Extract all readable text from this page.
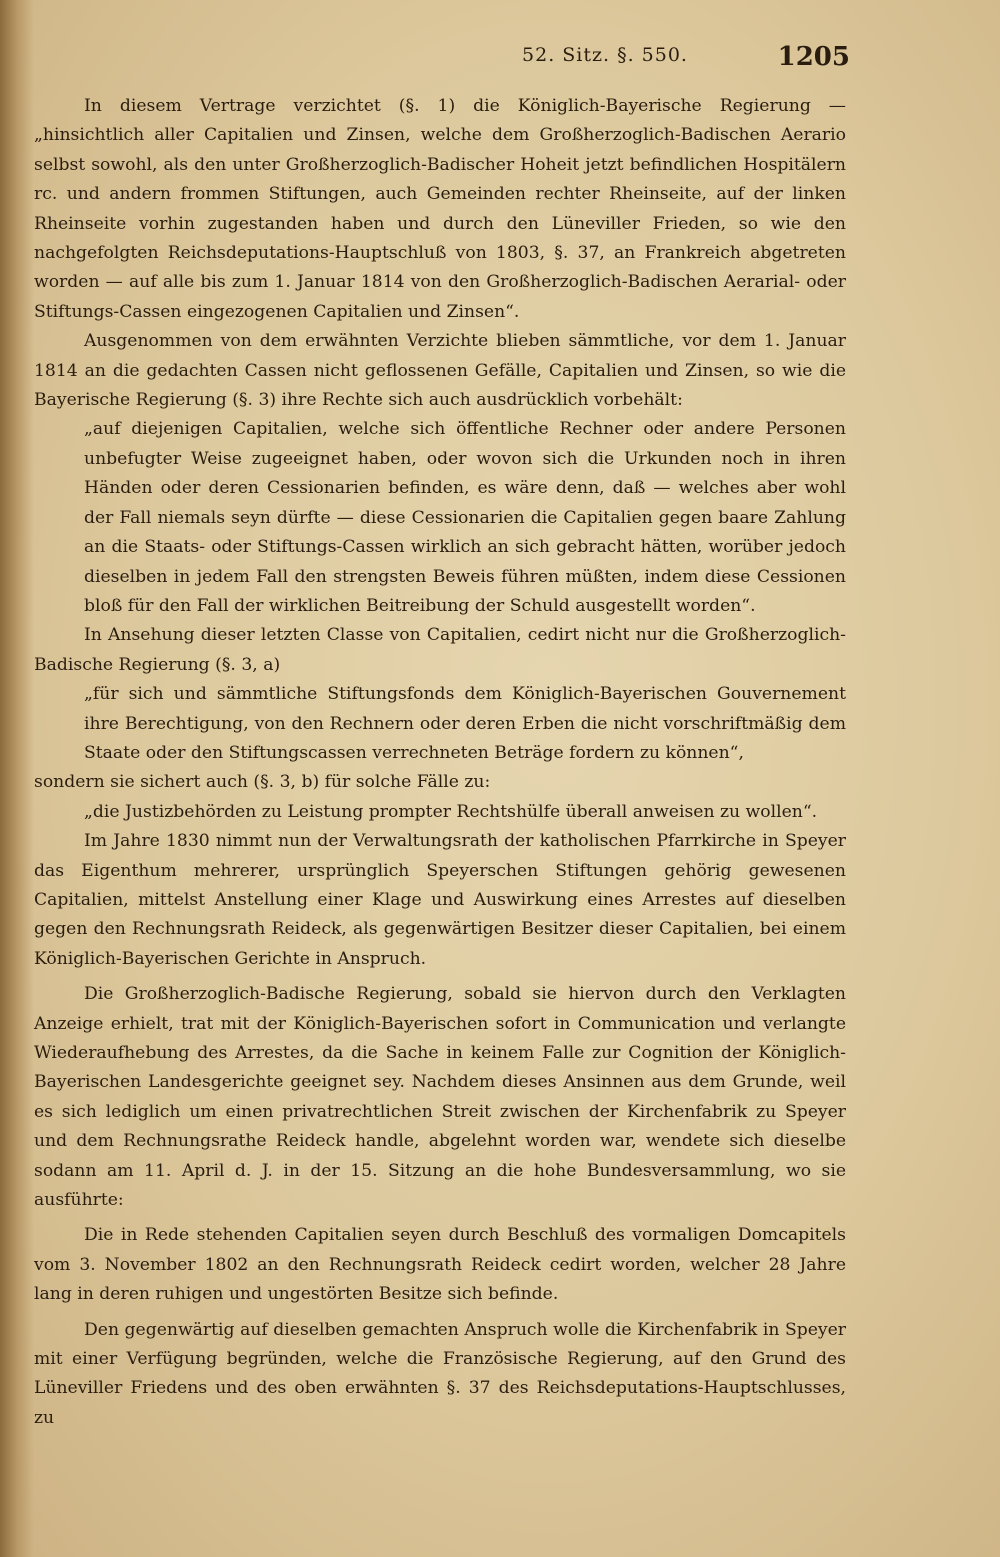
52. Sitz. §. 550.	1205

In diesem Vertrage verzichtet (§. 1) die Königlich-Bayerische Regierung — „hinsichtlich aller Capitalien und Zinsen, welche dem Großherzoglich-Badischen Aerario selbst sowohl, als den unter Großherzoglich-Badischer Hoheit jetzt befindlichen Hospitälern rc. und andern frommen Stiftungen, auch Gemeinden rechter Rheinseite, auf der linken Rheinseite vorhin zugestanden haben und durch den Lüneviller Frieden, so wie den nachgefolgten Reichsdeputations-Hauptschluß von 1803, §. 37, an Frankreich abgetreten worden — auf alle bis zum 1. Januar 1814 von den Großherzoglich-Badischen Aerarial- oder Stiftungs-Cassen eingezogenen Capitalien und Zinsen“.

Ausgenommen von dem erwähnten Verzichte blieben sämmtliche, vor dem 1. Januar 1814 an die gedachten Cassen nicht geflossenen Gefälle, Capitalien und Zinsen, so wie die Bayerische Regierung (§. 3) ihre Rechte sich auch ausdrücklich vorbehält:

„auf diejenigen Capitalien, welche sich öffentliche Rechner oder andere Personen unbefugter Weise zugeeignet haben, oder wovon sich die Urkunden noch in ihren Händen oder deren Cessionarien befinden, es wäre denn, daß — welches aber wohl der Fall niemals seyn dürfte — diese Cessionarien die Capitalien gegen baare Zahlung an die Staats- oder Stiftungs-Cassen wirklich an sich gebracht hätten, worüber jedoch dieselben in jedem Fall den strengsten Beweis führen müßten, indem diese Cessionen bloß für den Fall der wirklichen Beitreibung der Schuld ausgestellt worden“.

In Ansehung dieser letzten Classe von Capitalien, cedirt nicht nur die Großherzoglich-Badische Regierung (§. 3, a)

„für sich und sämmtliche Stiftungsfonds dem Königlich-Bayerischen Gouvernement ihre Berechtigung, von den Rechnern oder deren Erben die nicht vorschriftmäßig dem Staate oder den Stiftungscassen verrechneten Beträge fordern zu können“,

sondern sie sichert auch (§. 3, b) für solche Fälle zu:

„die Justizbehörden zu Leistung prompter Rechtshülfe überall anweisen zu wollen“.

Im Jahre 1830 nimmt nun der Verwaltungsrath der katholischen Pfarrkirche in Speyer das Eigenthum mehrerer, ursprünglich Speyerschen Stiftungen gehörig gewesenen Capitalien, mittelst Anstellung einer Klage und Auswirkung eines Arrestes auf dieselben gegen den Rechnungsrath Reideck, als gegenwärtigen Besitzer dieser Capitalien, bei einem Königlich-Bayerischen Gerichte in Anspruch.

Die Großherzoglich-Badische Regierung, sobald sie hiervon durch den Verklagten Anzeige erhielt, trat mit der Königlich-Bayerischen sofort in Communication und verlangte Wiederaufhebung des Arrestes, da die Sache in keinem Falle zur Cognition der Königlich-Bayerischen Landesgerichte geeignet sey. Nachdem dieses Ansinnen aus dem Grunde, weil es sich lediglich um einen privatrechtlichen Streit zwischen der Kirchenfabrik zu Speyer und dem Rechnungsrathe Reideck handle, abgelehnt worden war, wendete sich dieselbe sodann am 11. April d. J. in der 15. Sitzung an die hohe Bundesversammlung, wo sie ausführte:

Die in Rede stehenden Capitalien seyen durch Beschluß des vormaligen Domcapitels vom 3. November 1802 an den Rechnungsrath Reideck cedirt worden, welcher 28 Jahre lang in deren ruhigen und ungestörten Besitze sich befinde.

Den gegenwärtig auf dieselben gemachten Anspruch wolle die Kirchenfabrik in Speyer mit einer Verfügung begründen, welche die Französische Regierung, auf den Grund des Lüneviller Friedens und des oben erwähnten §. 37 des Reichsdeputations-Hauptschlusses, zu
